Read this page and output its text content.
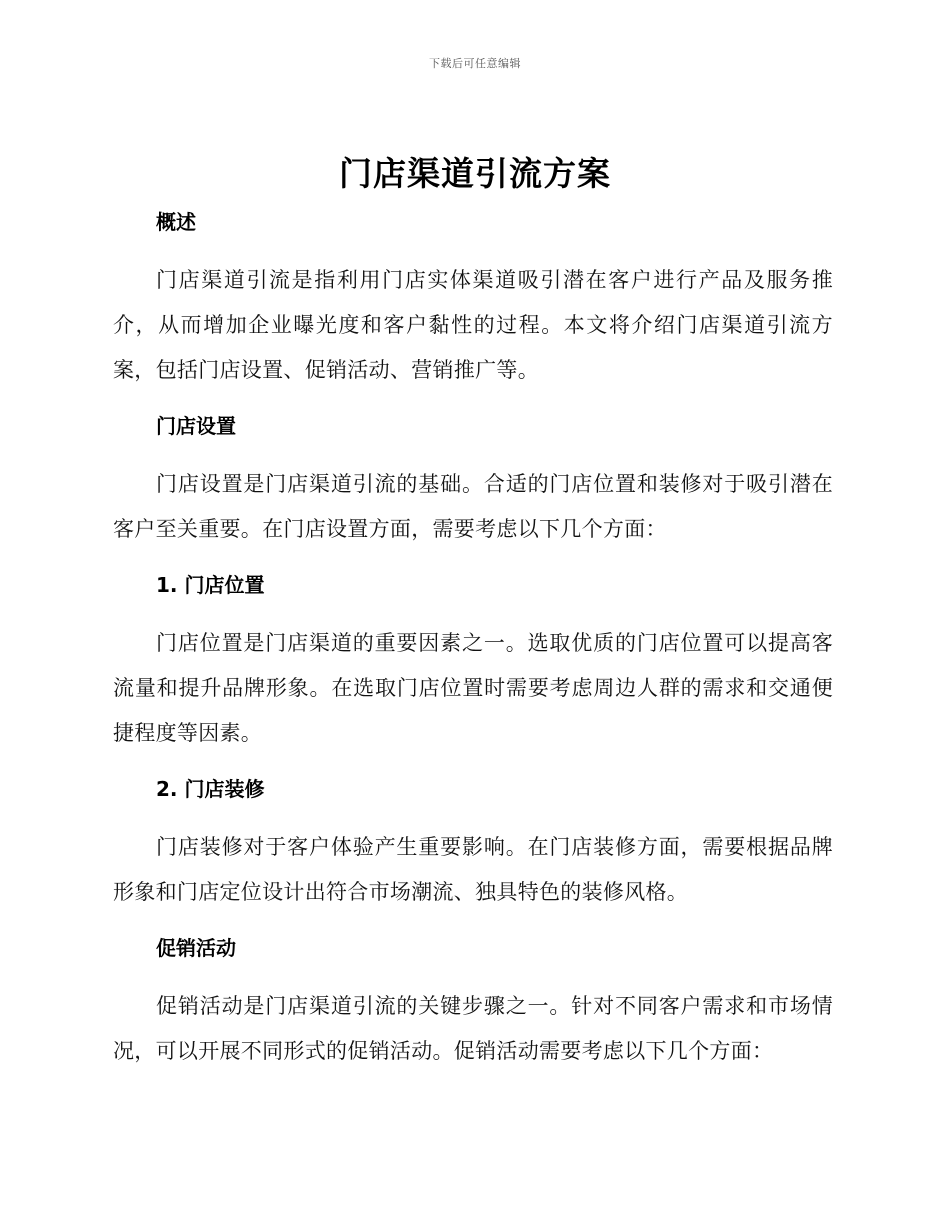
下载后可任意编辑
门店渠道引流方案
概述

门店渠道引流是指利用门店实体渠道吸引潜在客户进行产品及服务推介，从而增加企业曝光度和客户黏性的过程。本文将介绍门店渠道引流方案，包括门店设置、促销活动、营销推广等。

门店设置

门店设置是门店渠道引流的基础。合适的门店位置和装修对于吸引潜在客户至关重要。在门店设置方面，需要考虑以下几个方面：

1. 门店位置

门店位置是门店渠道的重要因素之一。选取优质的门店位置可以提高客流量和提升品牌形象。在选取门店位置时需要考虑周边人群的需求和交通便捷程度等因素。

2. 门店装修

门店装修对于客户体验产生重要影响。在门店装修方面，需要根据品牌形象和门店定位设计出符合市场潮流、独具特色的装修风格。

促销活动

促销活动是门店渠道引流的关键步骤之一。针对不同客户需求和市场情况，可以开展不同形式的促销活动。促销活动需要考虑以下几个方面：
